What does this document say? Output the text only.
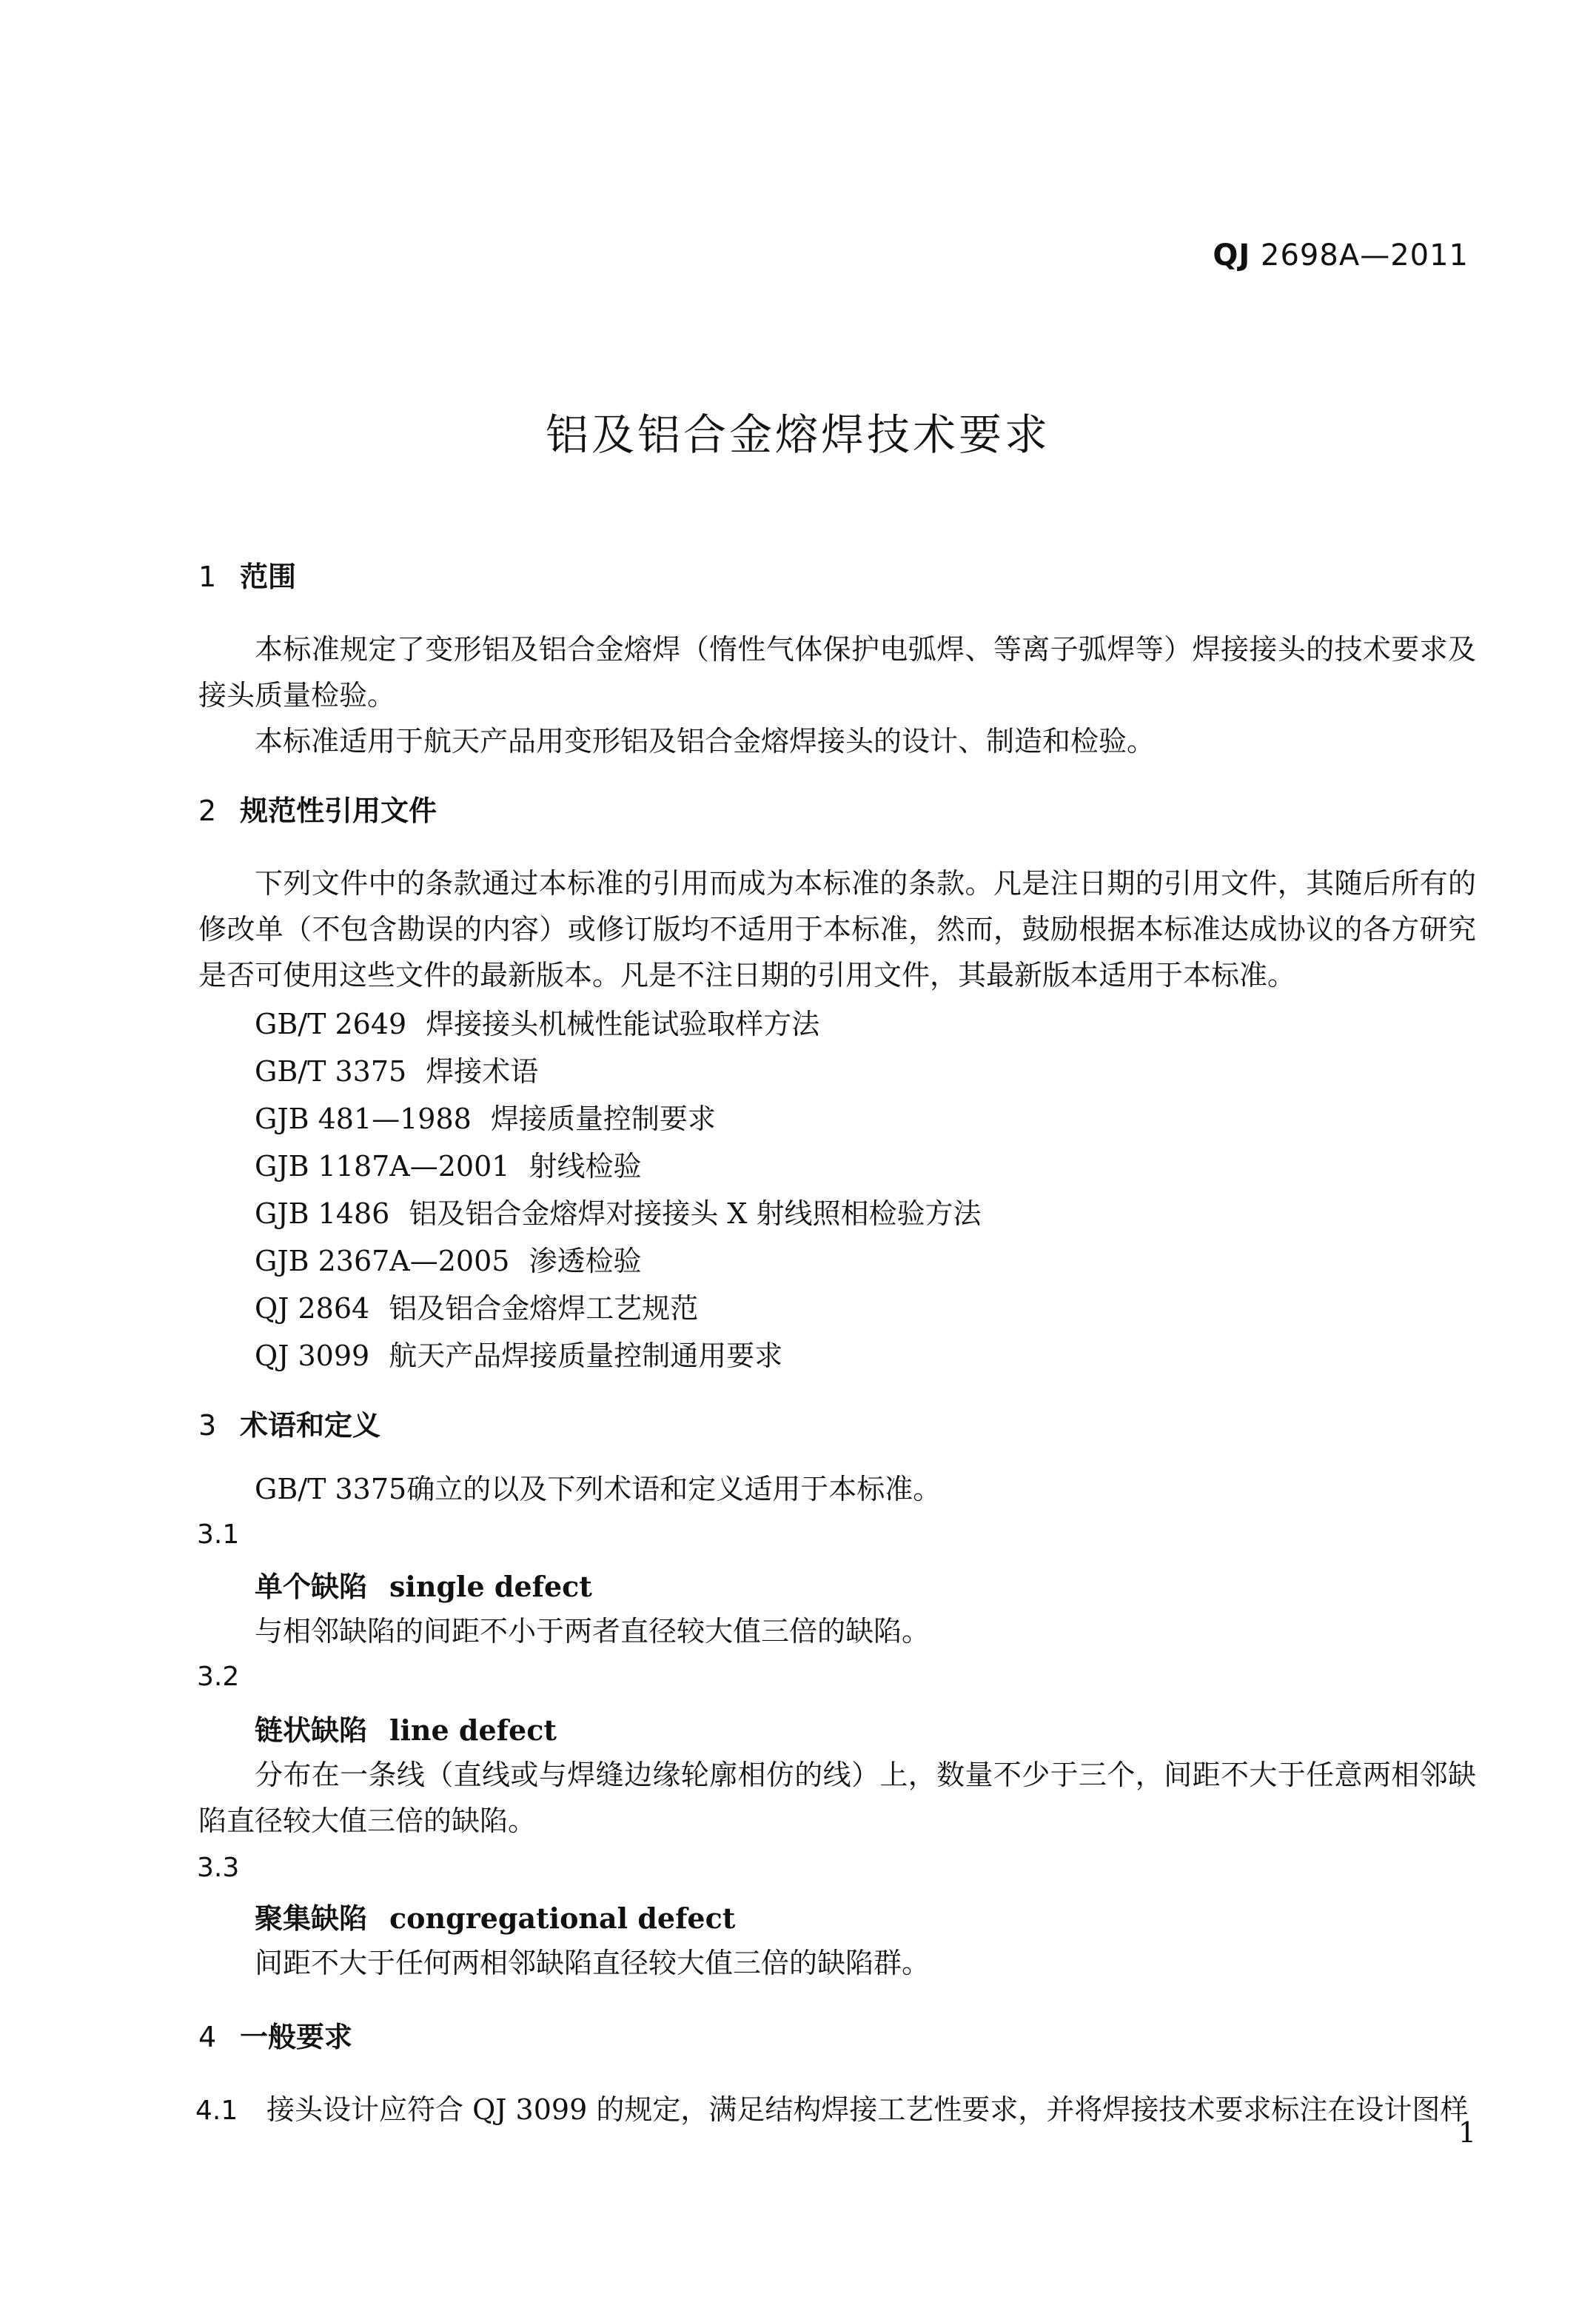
QJ 2698A—2011
铝及铝合金熔焊技术要求
1 范围
本标准规定了变形铝及铝合金熔焊（惰性气体保护电弧焊、等离子弧焊等）焊接接头的技术要求及接头质量检验。
本标准适用于航天产品用变形铝及铝合金熔焊接头的设计、制造和检验。
2 规范性引用文件
下列文件中的条款通过本标准的引用而成为本标准的条款。凡是注日期的引用文件，其随后所有的修改单（不包含勘误的内容）或修订版均不适用于本标准，然而，鼓励根据本标准达成协议的各方研究是否可使用这些文件的最新版本。凡是不注日期的引用文件，其最新版本适用于本标准。
GB/T 2649 焊接接头机械性能试验取样方法
GB/T 3375 焊接术语
GJB 481—1988 焊接质量控制要求
GJB 1187A—2001 射线检验
GJB 1486 铝及铝合金熔焊对接接头 X 射线照相检验方法
GJB 2367A—2005 渗透检验
QJ 2864 铝及铝合金熔焊工艺规范
QJ 3099 航天产品焊接质量控制通用要求
3 术语和定义
GB/T 3375确立的以及下列术语和定义适用于本标准。
3.1
单个缺陷 single defect
与相邻缺陷的间距不小于两者直径较大值三倍的缺陷。
3.2
链状缺陷 line defect
分布在一条线（直线或与焊缝边缘轮廓相仿的线）上，数量不少于三个，间距不大于任意两相邻缺陷直径较大值三倍的缺陷。
3.3
聚集缺陷 congregational defect
间距不大于任何两相邻缺陷直径较大值三倍的缺陷群。
4 一般要求
4.1 接头设计应符合 QJ 3099 的规定，满足结构焊接工艺性要求，并将焊接技术要求标注在设计图样
1
